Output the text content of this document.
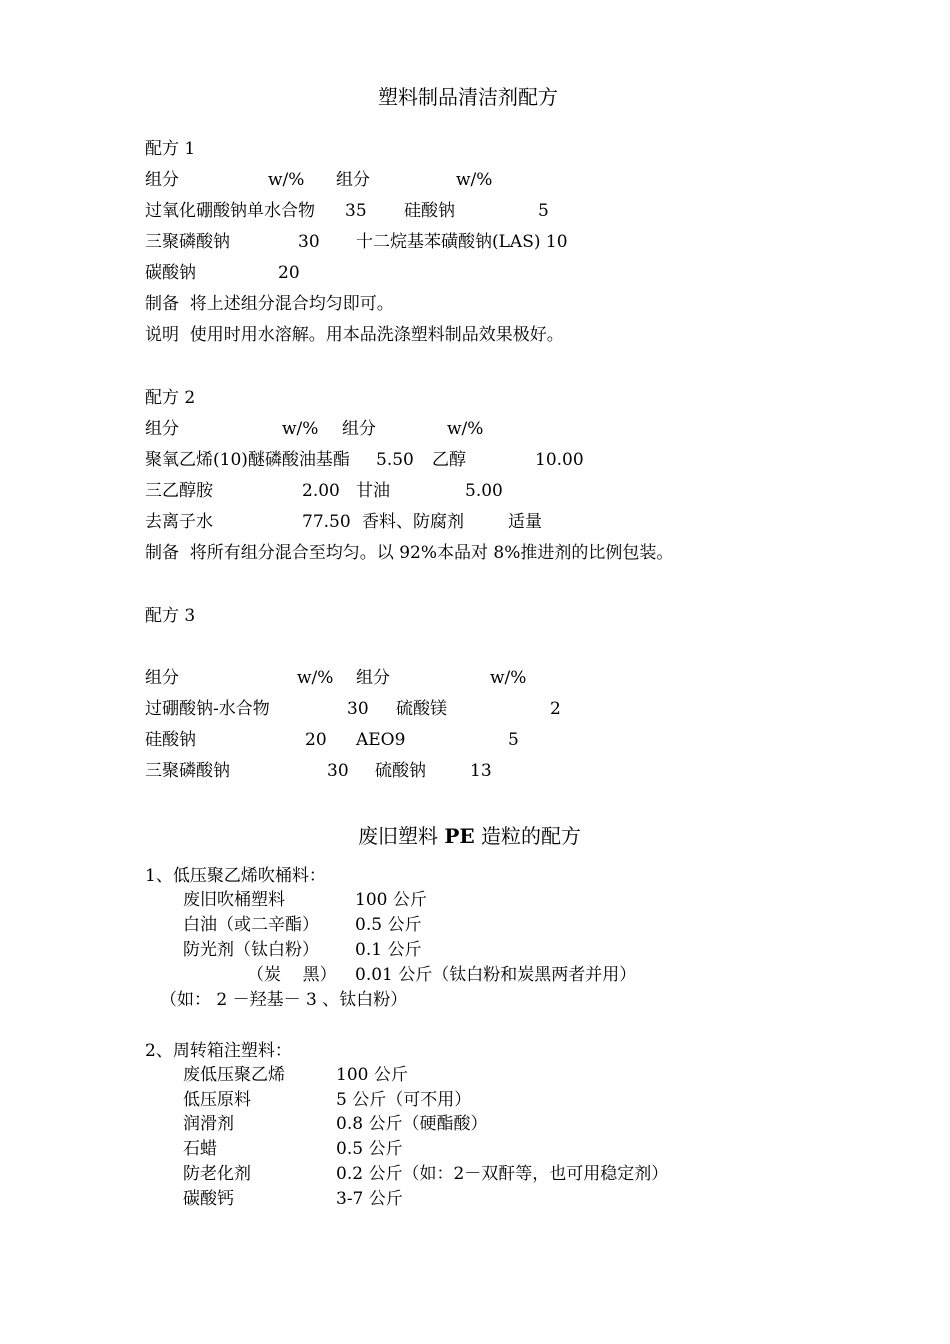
塑料制品清洁剂配方
配方 1
组分	w/% 组分	w/%
过氧化硼酸钠单水合物 35 硅酸钠	5
三聚磷酸钠	30 十二烷基苯磺酸钠(LAS) 10
碳酸钠	20
制备  将上述组分混合均匀即可。
说明  使用时用水溶解。用本品洗涤塑料制品效果极好。
配方 2
组分	w/% 组分	w/%
聚氧乙烯(10)醚磷酸油基酯 5.50 乙醇	10.00
三乙醇胺	2.00 甘油	5.00
去离子水	77.50 香料、防腐剂	适量
制备  将所有组分混合至均匀。以 92%本品对 8%推进剂的比例包装。
配方 3
组分	w/% 组分	w/%
过硼酸钠-水合物	30 硫酸镁	2
硅酸钠	20 AEO9	5
三聚磷酸钠	30 硫酸钠	13
废旧塑料 PE 造粒的配方
1、低压聚乙烯吹桶料：
废旧吹桶塑料	100 公斤
白油（或二辛酯） 0.5 公斤
防光剂（钛白粉） 0.1 公斤
（炭    黑） 0.01 公斤（钛白粉和炭黑两者并用）
（如： 2 －羟基－ 3 、钛白粉）
2、周转箱注塑料：
废低压聚乙烯	100 公斤
低压原料	5 公斤（可不用）
润滑剂	0.8 公斤（硬酯酸）
石蜡	0.5 公斤
防老化剂	0.2 公斤（如：2－双酐等，也可用稳定剂）
碳酸钙	3-7 公斤
